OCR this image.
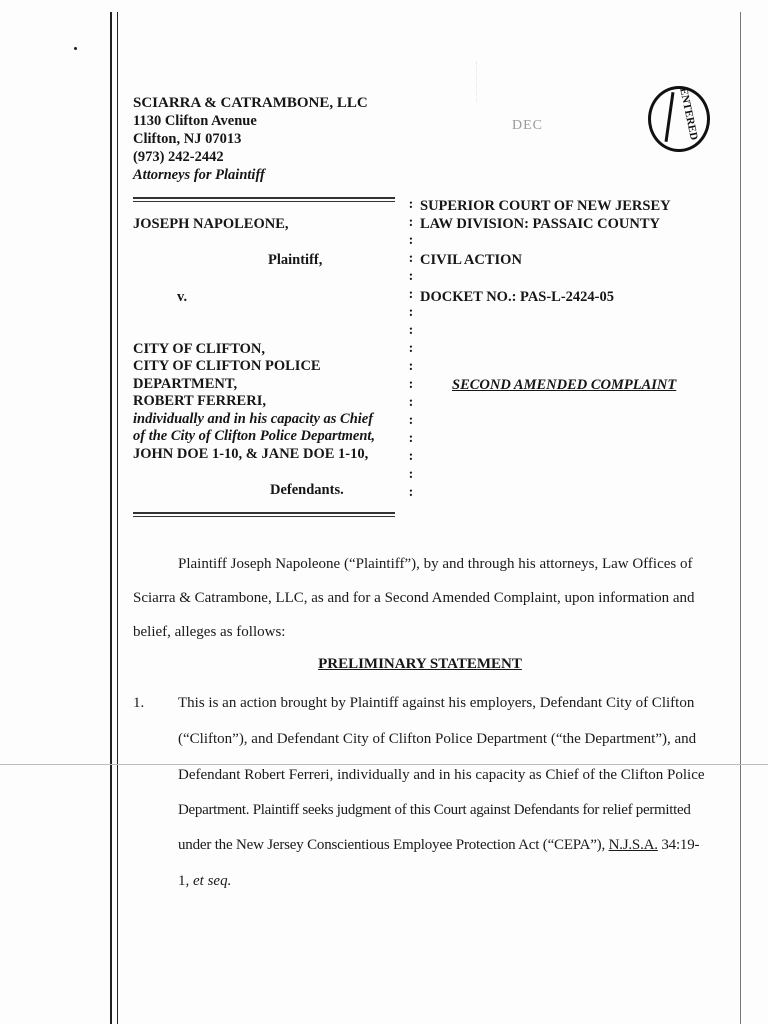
SCIARRA & CATRAMBONE, LLC
1130 Clifton Avenue
Clifton, NJ 07013
(973) 242-2442
Attorneys for Plaintiff
DEC	ENTERED
JOSEPH NAPOLEONE,
Plaintiff,
v.
CITY OF CLIFTON,
CITY OF CLIFTON POLICE
DEPARTMENT,
ROBERT FERRERI,
individually and in his capacity as Chief
of the City of Clifton Police Department,
JOHN DOE 1-10, & JANE DOE 1-10,
Defendants.
:
:
:
:
:
:
:
:
:
:
:
:
:
:
:
:
:
SUPERIOR COURT OF NEW JERSEY
LAW DIVISION: PASSAIC COUNTY
CIVIL ACTION
DOCKET NO.: PAS-L-2424-05
SECOND AMENDED COMPLAINT
Plaintiff Joseph Napoleone (“Plaintiff”), by and through his attorneys, Law Offices of
Sciarra & Catrambone, LLC, as and for a Second Amended Complaint, upon information and
belief, alleges as follows:
PRELIMINARY STATEMENT
1. This is an action brought by Plaintiff against his employers, Defendant City of Clifton
(“Clifton”), and Defendant City of Clifton Police Department (“the Department”), and
Defendant Robert Ferreri, individually and in his capacity as Chief of the Clifton Police
Department. Plaintiff seeks judgment of this Court against Defendants for relief permitted
under the New Jersey Conscientious Employee Protection Act (“CEPA”), N.J.S.A. 34:19-
1, et seq.
